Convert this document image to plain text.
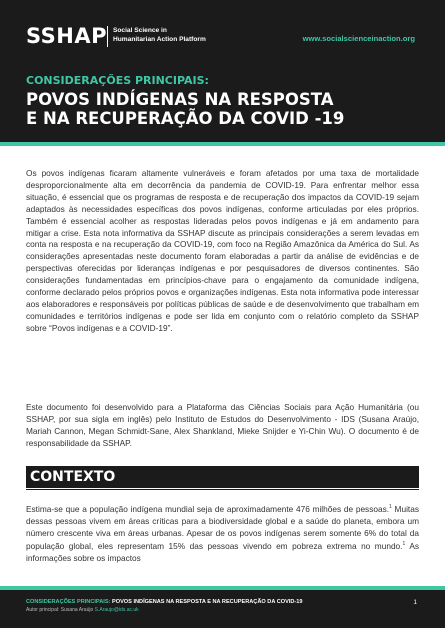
SSHAP Social Science in
Humanitarian Action Platform	www.socialscienceinaction.org
CONSIDERAÇÕES PRINCIPAIS:
POVOS INDÍGENAS NA RESPOSTA
E NA RECUPERAÇÃO DA COVID -19

Os povos indígenas ficaram altamente vulneráveis e foram afetados por uma taxa de mortalidade desproporcionalmente alta em decorrência da pandemia de COVID-19. Para enfrentar melhor essa situação, é essencial que os programas de resposta e de recuperação dos impactos da COVID-19 sejam adaptados às necessidades específicas dos povos indígenas, conforme articuladas por eles próprios. Também é essencial acolher as respostas lideradas pelos povos indígenas e já em andamento para mitigar a crise. Esta nota informativa da SSHAP discute as principais considerações a serem levadas em conta na resposta e na recuperação da COVID-19, com foco na Região Amazônica da América do Sul. As considerações apresentadas neste documento foram elaboradas a partir da análise de evidências e de perspectivas oferecidas por lideranças indígenas e por pesquisadores de diversos continentes. São considerações fundamentadas em princípios-chave para o engajamento da comunidade indígena, conforme declarado pelos próprios povos e organizações indígenas. Esta nota informativa pode interessar aos elaboradores e responsáveis por políticas públicas de saúde e de desenvolvimento que trabalham em comunidades e territórios indígenas e pode ser lida em conjunto com o relatório completo da SSHAP sobre “Povos indígenas e a COVID-19”.

Este documento foi desenvolvido para a Plataforma das Ciências Sociais para Ação Humanitária (ou SSHAP, por sua sigla em inglês) pelo Instituto de Estudos do Desenvolvimento - IDS (Susana Araújo, Mariah Cannon, Megan Schmidt-Sane, Alex Shankland, Mieke Snijder e Yi-Chin Wu). O documento é de responsabilidade da SSHAP.

CONTEXTO

Estima-se que a população indígena mundial seja de aproximadamente 476 milhões de pessoas.$^1$ Muitas dessas pessoas vivem em áreas críticas para a biodiversidade global e a saúde do planeta, embora um número crescente viva em áreas urbanas. Apesar de os povos indígenas serem somente 6% do total da população global, eles representam 15% das pessoas vivendo em pobreza extrema no mundo.$^1$ As informações sobre os impactos

CONSIDERAÇÕES PRINCIPAIS: POVOS INDÍGENAS NA RESPOSTA E NA RECUPERAÇÃO DA COVID-19
Autor principal: Susana Araújo S.Araujo@ids.ac.uk
1
